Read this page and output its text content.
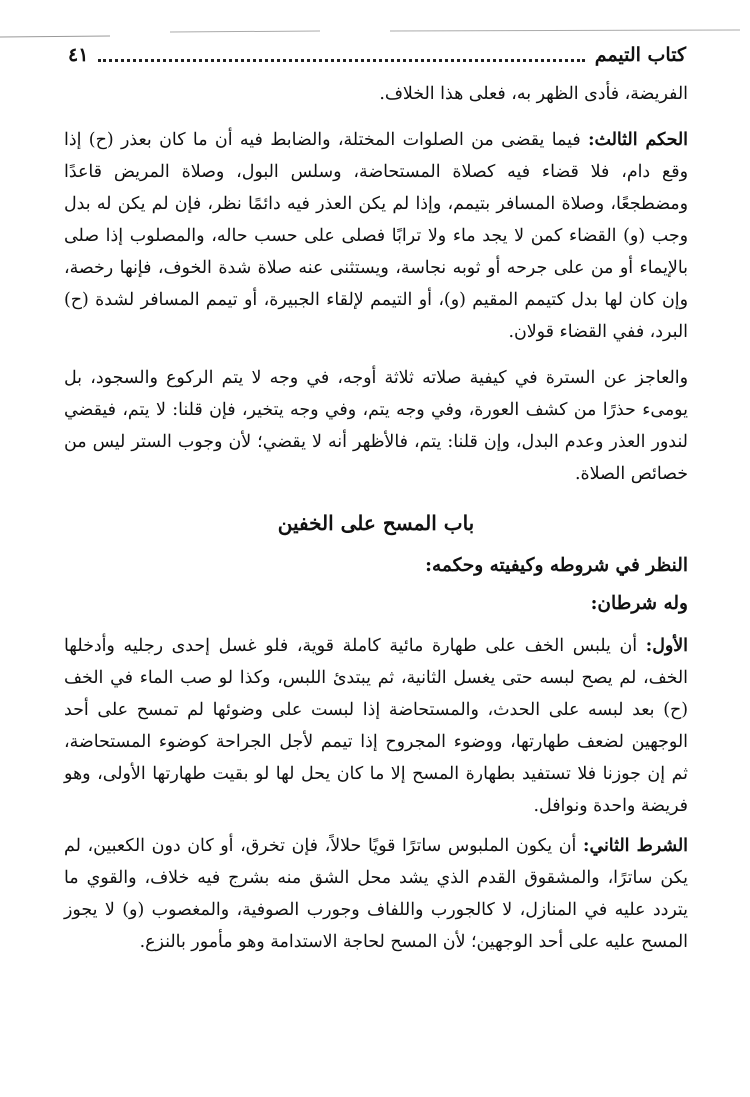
كتاب التيمم
٤١

الفريضة، فأدى الظهر به، فعلى هذا الخلاف.

الحكم الثالث: فيما يقضى من الصلوات المختلة، والضابط فيه أن ما كان بعذر (ح) إذا وقع دام، فلا قضاء فيه كصلاة المستحاضة، وسلس البول، وصلاة المريض قاعدًا ومضطجعًا، وصلاة المسافر بتيمم، وإذا لم يكن العذر فيه دائمًا نظر، فإن لم يكن له بدل وجب (و) القضاء كمن لا يجد ماء ولا ترابًا فصلى على حسب حاله، والمصلوب إذا صلى بالإيماء أو من على جرحه أو ثوبه نجاسة، ويستثنى عنه صلاة شدة الخوف، فإنها رخصة، وإن كان لها بدل كتيمم المقيم (و)، أو التيمم لإلقاء الجبيرة، أو تيمم المسافر لشدة (ح) البرد، ففي القضاء قولان.

والعاجز عن السترة في كيفية صلاته ثلاثة أوجه، في وجه لا يتم الركوع والسجود، بل يومىء حذرًا من كشف العورة، وفي وجه يتم، وفي وجه يتخير، فإن قلنا: لا يتم، فيقضي لندور العذر وعدم البدل، وإن قلنا: يتم، فالأظهر أنه لا يقضي؛ لأن وجوب الستر ليس من خصائص الصلاة.

باب المسح على الخفين
النظر في شروطه وكيفيته وحكمه:
وله شرطان:

الأول: أن يلبس الخف على طهارة مائية كاملة قوية، فلو غسل إحدى رجليه وأدخلها الخف، لم يصح لبسه حتى يغسل الثانية، ثم يبتدئ اللبس، وكذا لو صب الماء في الخف (ح) بعد لبسه على الحدث، والمستحاضة إذا لبست على وضوئها لم تمسح على أحد الوجهين لضعف طهارتها، ووضوء المجروح إذا تيمم لأجل الجراحة كوضوء المستحاضة، ثم إن جوزنا فلا تستفيد بطهارة المسح إلا ما كان يحل لها لو بقيت طهارتها الأولى، وهو فريضة واحدة ونوافل.

الشرط الثاني: أن يكون الملبوس ساترًا قويًا حلالاً، فإن تخرق، أو كان دون الكعبين، لم يكن ساترًا، والمشقوق القدم الذي يشد محل الشق منه بشرج فيه خلاف، والقوي ما يتردد عليه في المنازل، لا كالجورب واللفاف وجورب الصوفية، والمغصوب (و) لا يجوز المسح عليه على أحد الوجهين؛ لأن المسح لحاجة الاستدامة وهو مأمور بالنزع.
